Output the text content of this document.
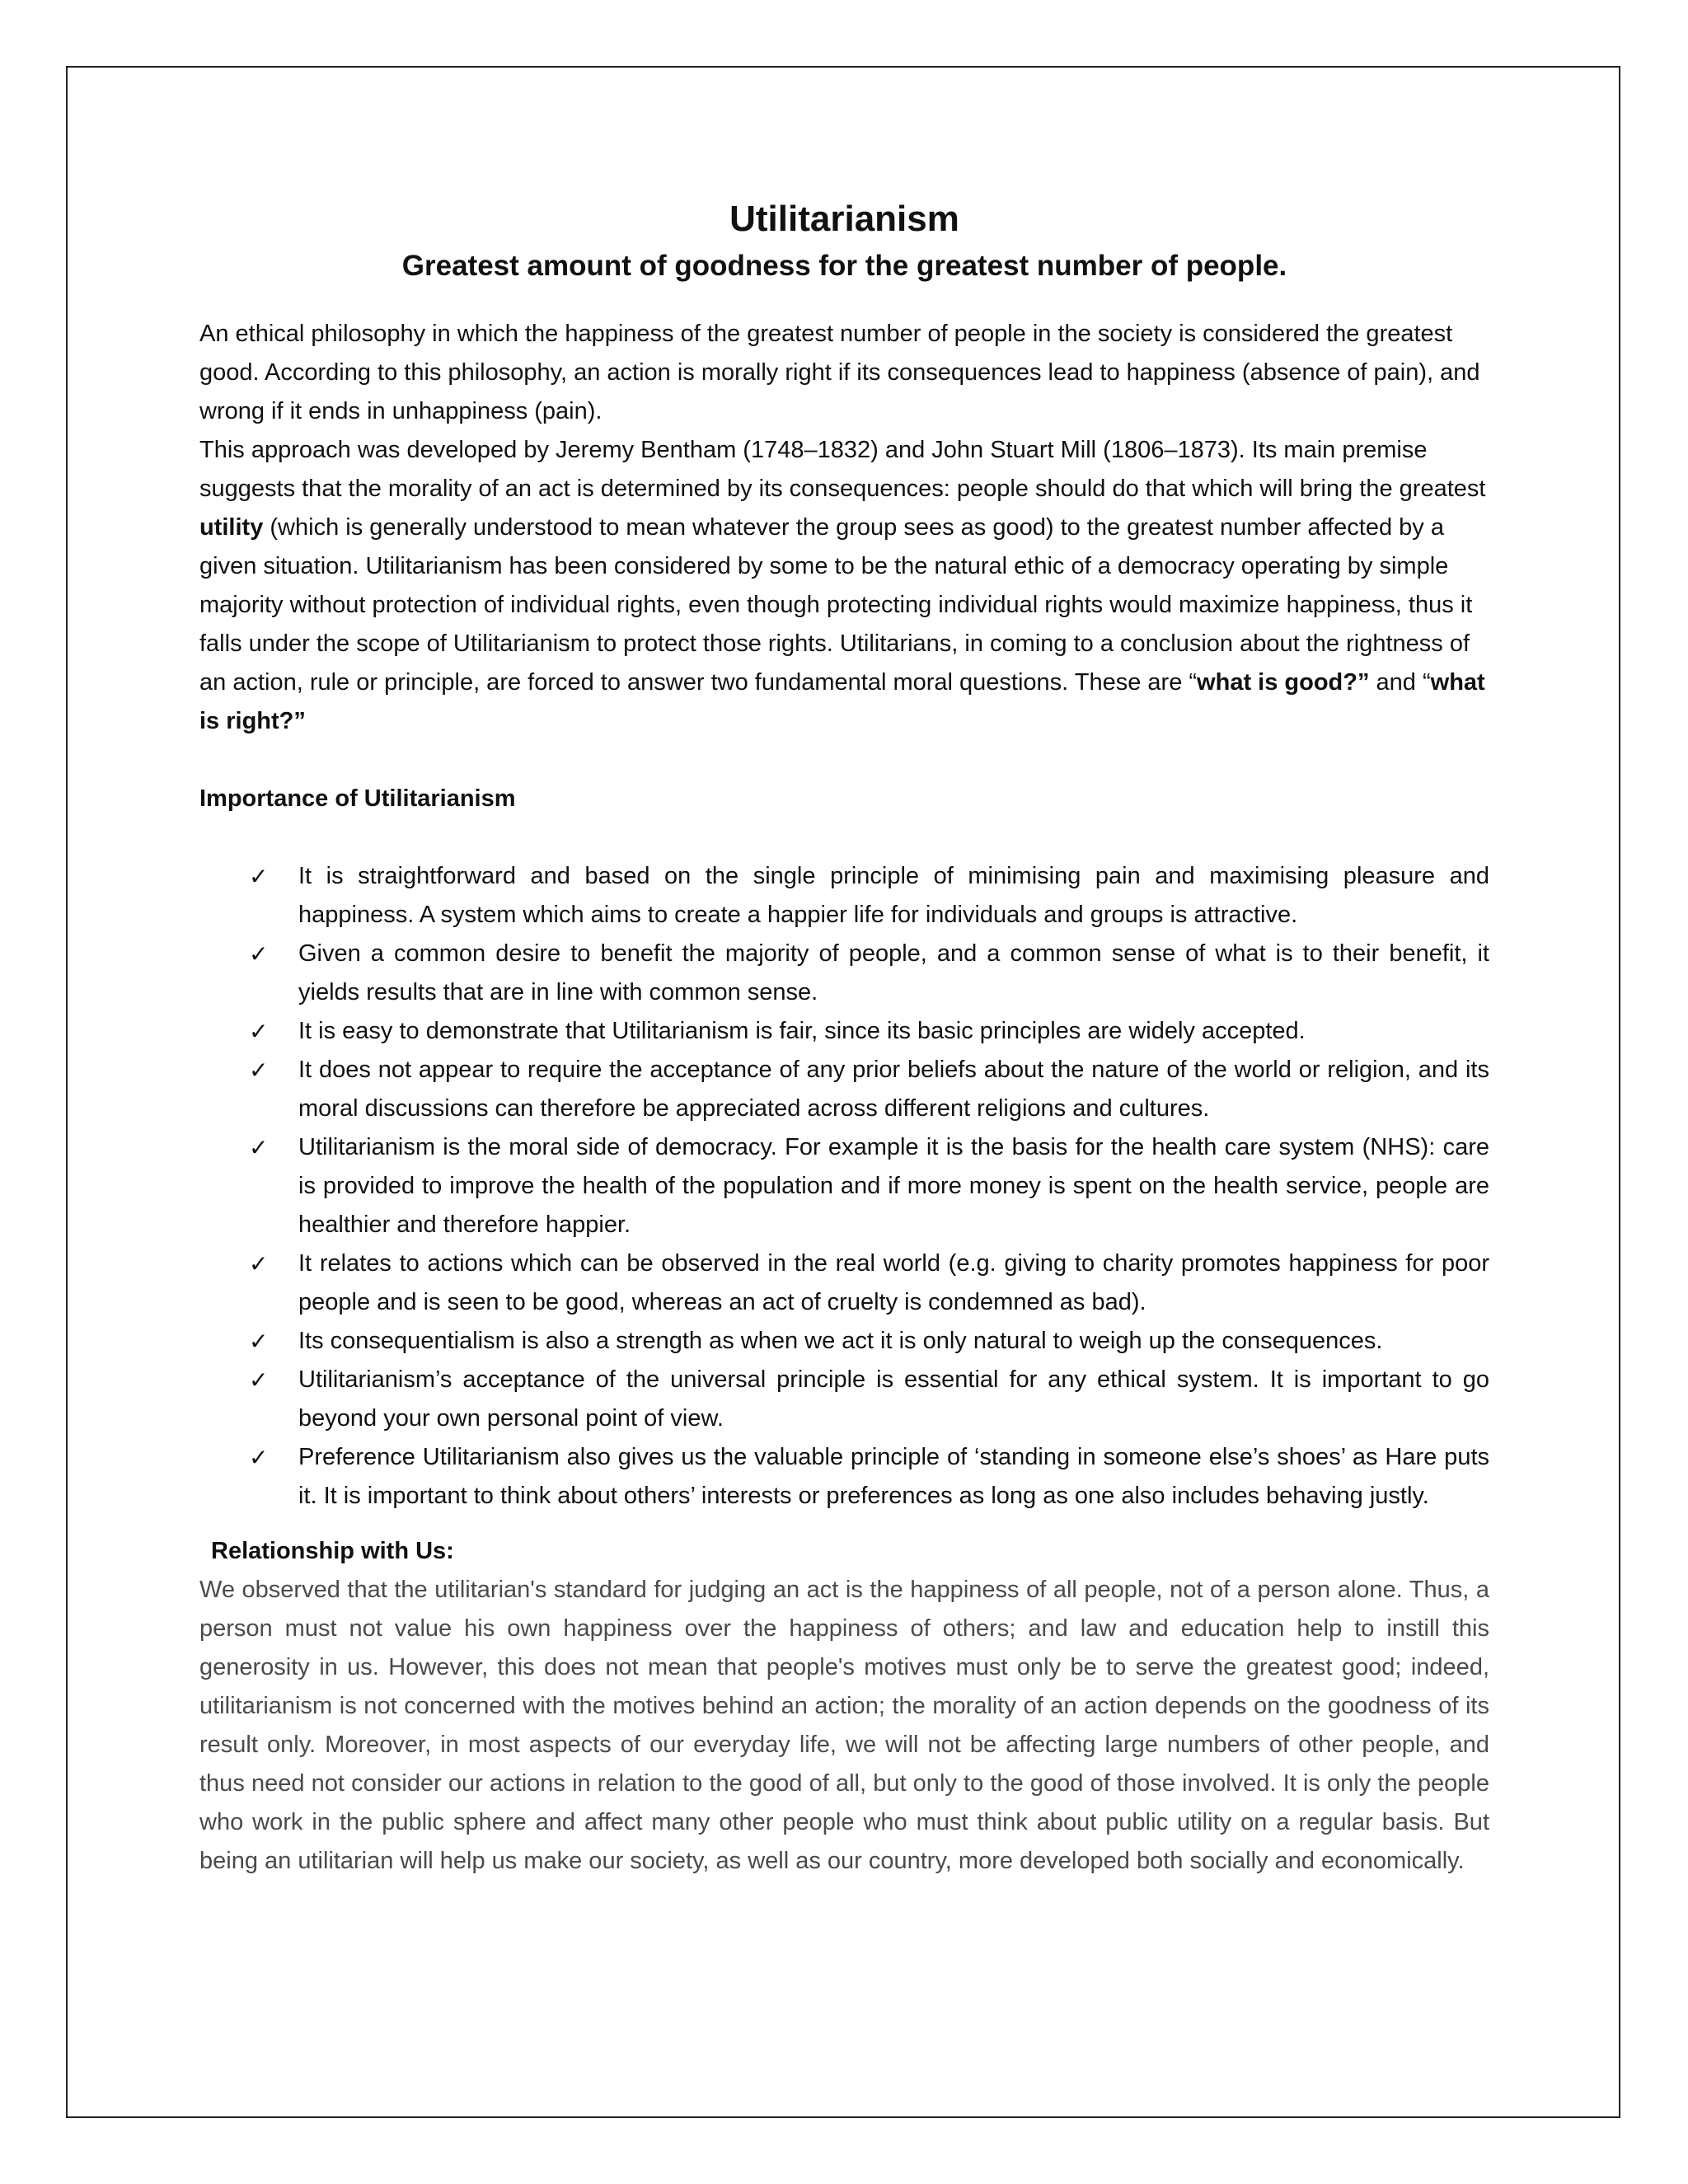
Utilitarianism
Greatest amount of goodness for the greatest number of people.

An ethical philosophy in which the happiness of the greatest number of people in the society is considered the greatest good. According to this philosophy, an action is morally right if its consequences lead to happiness (absence of pain), and wrong if it ends in unhappiness (pain).
This approach was developed by Jeremy Bentham (1748–1832) and John Stuart Mill (1806–1873). Its main premise suggests that the morality of an act is determined by its consequences: people should do that which will bring the greatest utility (which is generally understood to mean whatever the group sees as good) to the greatest number affected by a given situation. Utilitarianism has been considered by some to be the natural ethic of a democracy operating by simple majority without protection of individual rights, even though protecting individual rights would maximize happiness, thus it falls under the scope of Utilitarianism to protect those rights. Utilitarians, in coming to a conclusion about the rightness of an action, rule or principle, are forced to answer two fundamental moral questions. These are “what is good?” and “what is right?”

Importance of Utilitarianism
✓ It is straightforward and based on the single principle of minimising pain and maximising pleasure and happiness. A system which aims to create a happier life for individuals and groups is attractive.
✓ Given a common desire to benefit the majority of people, and a common sense of what is to their benefit, it yields results that are in line with common sense.
✓ It is easy to demonstrate that Utilitarianism is fair, since its basic principles are widely accepted.
✓ It does not appear to require the acceptance of any prior beliefs about the nature of the world or religion, and its moral discussions can therefore be appreciated across different religions and cultures.
✓ Utilitarianism is the moral side of democracy. For example it is the basis for the health care system (NHS): care is provided to improve the health of the population and if more money is spent on the health service, people are healthier and therefore happier.
✓ It relates to actions which can be observed in the real world (e.g. giving to charity promotes happiness for poor people and is seen to be good, whereas an act of cruelty is condemned as bad).
✓ Its consequentialism is also a strength as when we act it is only natural to weigh up the consequences.
✓ Utilitarianism’s acceptance of the universal principle is essential for any ethical system. It is important to go beyond your own personal point of view.
✓ Preference Utilitarianism also gives us the valuable principle of ‘standing in someone else’s shoes’ as Hare puts it. It is important to think about others’ interests or preferences as long as one also includes behaving justly.
Relationship with Us:

We observed that the utilitarian's standard for judging an act is the happiness of all people, not of a person alone. Thus, a person must not value his own happiness over the happiness of others; and law and education help to instill this generosity in us. However, this does not mean that people's motives must only be to serve the greatest good; indeed, utilitarianism is not concerned with the motives behind an action; the morality of an action depends on the goodness of its result only. Moreover, in most aspects of our everyday life, we will not be affecting large numbers of other people, and thus need not consider our actions in relation to the good of all, but only to the good of those involved. It is only the people who work in the public sphere and affect many other people who must think about public utility on a regular basis. But being an utilitarian will help us make our society, as well as our country, more developed both socially and economically.
